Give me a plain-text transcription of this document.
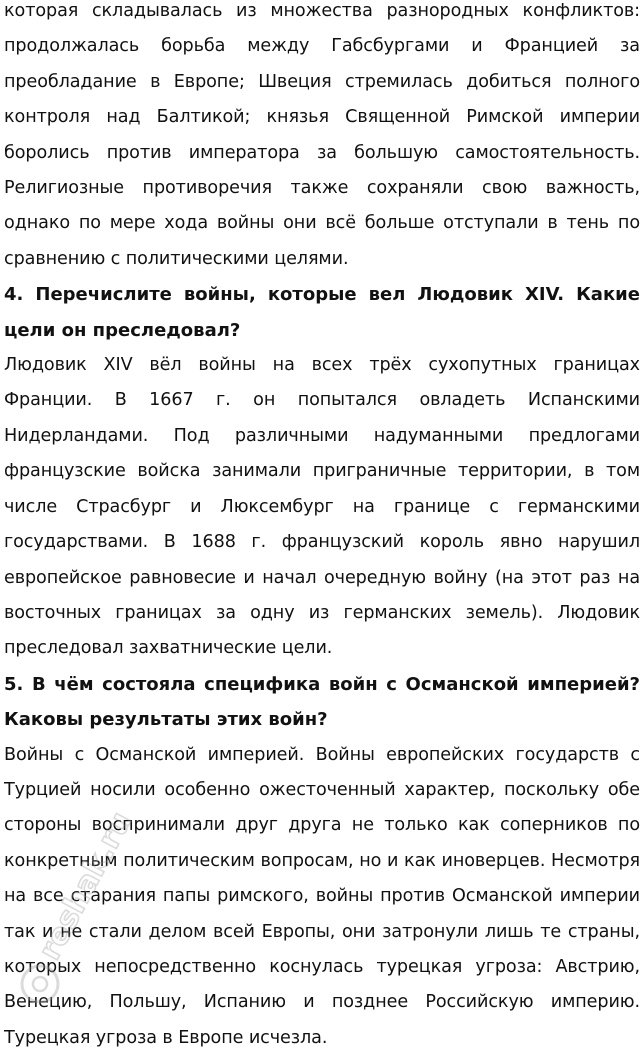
которая складывалась из множества разнородных конфликтов: продолжалась борьба между Габсбургами и Францией за преобладание в Европе; Швеция стремилась добиться полного контроля над Балтикой; князья Священной Римской империи боролись против императора за большую самостоятельность. Религиозные противоречия также сохраняли свою важность, однако по мере хода войны они всё больше отступали в тень по сравнению с политическими целями.

4. Перечислите войны, которые вел Людовик XIV. Какие цели он преследовал?

Людовик XIV вёл войны на всех трёх сухопутных границах Франции. В 1667 г. он попытался овладеть Испанскими Нидерландами. Под различными надуманными предлогами французские войска занимали приграничные территории, в том числе Страсбург и Люксембург на границе с германскими государствами. В 1688 г. французский король явно нарушил европейское равновесие и начал очередную войну (на этот раз на восточных границах за одну из германских земель). Людовик преследовал захватнические цели.

5. В чём состояла специфика войн с Османской империей? Каковы результаты этих войн?

Войны с Османской империей. Войны европейских государств с Турцией носили особенно ожесточенный характер, поскольку обе стороны воспринимали друг друга не только как соперников по конкретным политическим вопросам, но и как иноверцев. Несмотря на все старания папы римского, войны против Османской империи так и не стали делом всей Европы, они затронули лишь те страны, которых непосредственно коснулась турецкая угроза: Австрию, Венецию, Польшу, Испанию и позднее Российскую империю. Турецкая угроза в Европе исчезла.

reshak.ru
